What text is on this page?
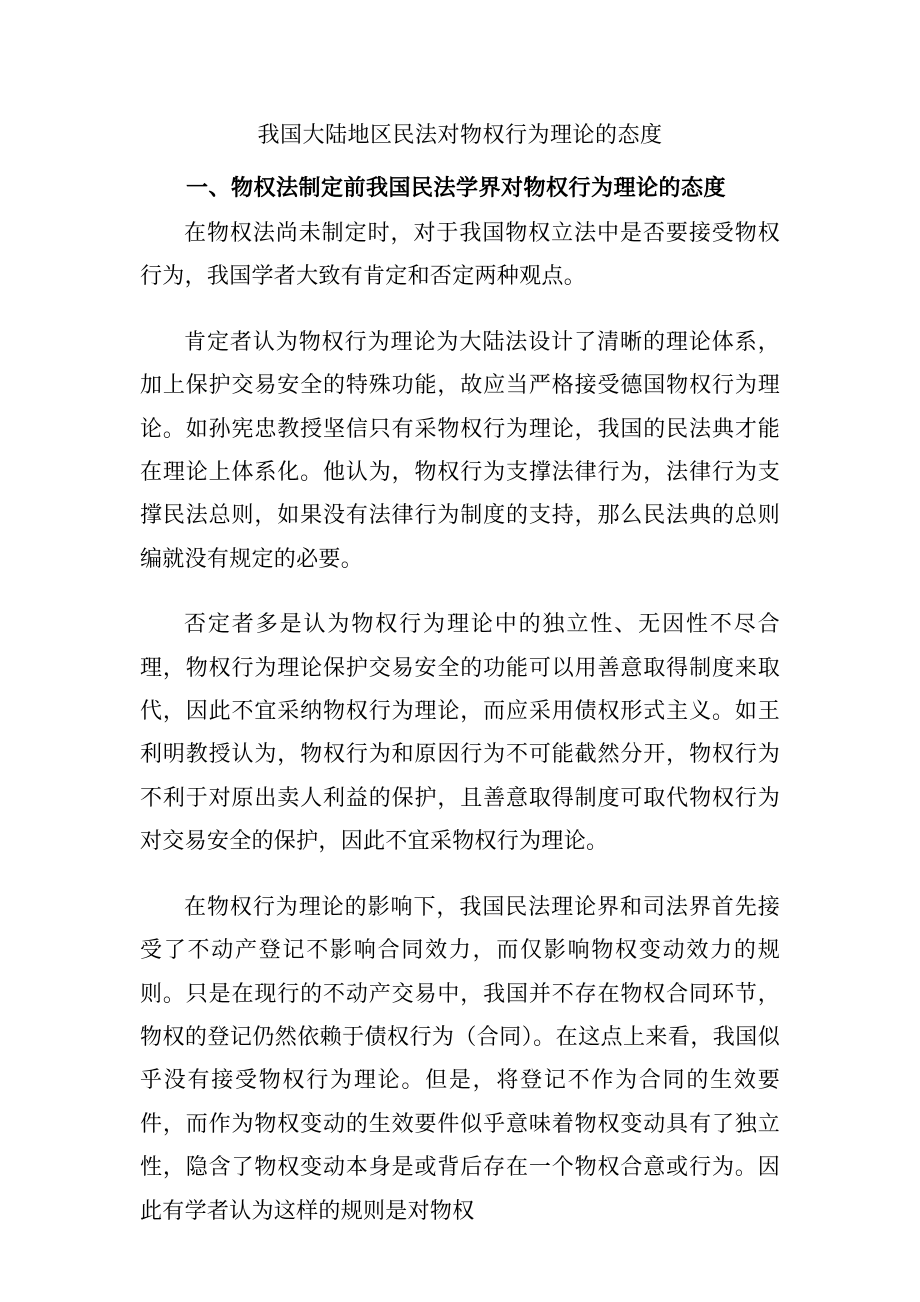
我国大陆地区民法对物权行为理论的态度
一、物权法制定前我国民法学界对物权行为理论的态度

在物权法尚未制定时，对于我国物权立法中是否要接受物权行为，我国学者大致有肯定和否定两种观点。

肯定者认为物权行为理论为大陆法设计了清晰的理论体系，加上保护交易安全的特殊功能，故应当严格接受德国物权行为理论。如孙宪忠教授坚信只有采物权行为理论，我国的民法典才能在理论上体系化。他认为，物权行为支撑法律行为，法律行为支撑民法总则，如果没有法律行为制度的支持，那么民法典的总则编就没有规定的必要。

否定者多是认为物权行为理论中的独立性、无因性不尽合理，物权行为理论保护交易安全的功能可以用善意取得制度来取代，因此不宜采纳物权行为理论，而应采用债权形式主义。如王利明教授认为，物权行为和原因行为不可能截然分开，物权行为不利于对原出卖人利益的保护，且善意取得制度可取代物权行为对交易安全的保护，因此不宜采物权行为理论。

在物权行为理论的影响下，我国民法理论界和司法界首先接受了不动产登记不影响合同效力，而仅影响物权变动效力的规则。只是在现行的不动产交易中，我国并不存在物权合同环节，物权的登记仍然依赖于债权行为（合同）。在这点上来看，我国似乎没有接受物权行为理论。但是，将登记不作为合同的生效要件，而作为物权变动的生效要件似乎意味着物权变动具有了独立性，隐含了物权变动本身是或背后存在一个物权合意或行为。因此有学者认为这样的规则是对物权
